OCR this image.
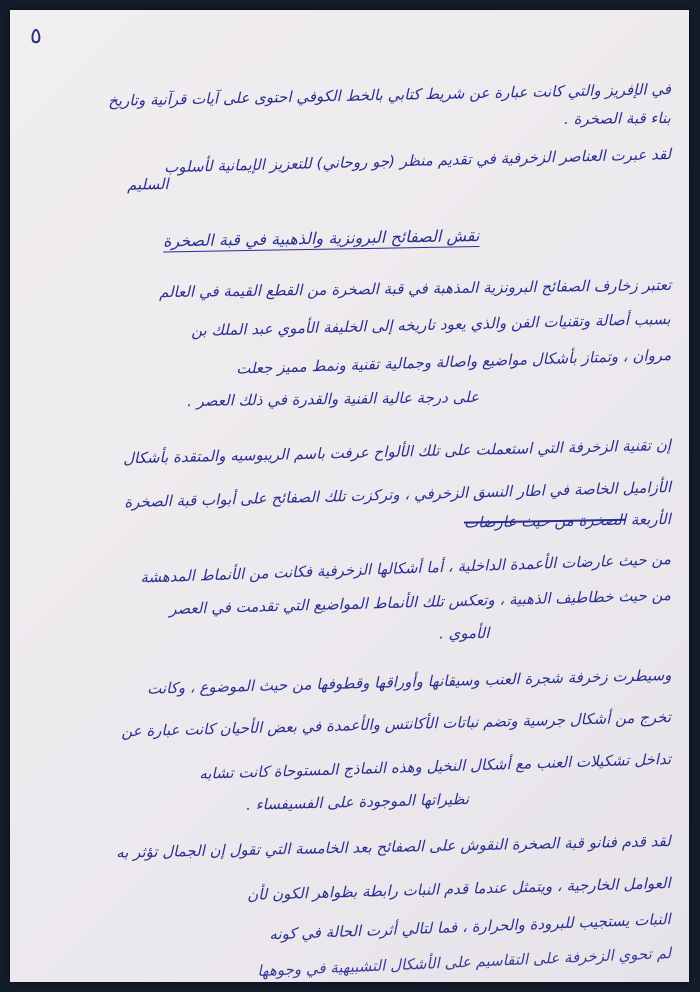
٥

في الإفريز والتي كانت عبارة عن شريط كتابي بالخط الكوفي احتوى على آيات قرآنية وتاريخ

بناء قبة الصخرة .

لقد عبرت العناصر الزخرفية في تقديم منظر (جو روحاني) للتعزيز الإيمانية لأسلوب

السليم

نقش الصفائح البرونزية والذهبية في قبة الصخرة

تعتبر زخارف الصفائح البرونزية المذهبة في قبة الصخرة من القطع القيمة في العالم

بسبب أصالة وتقنيات الفن والذي يعود تاريخه إلى الخليفة الأموي عبد الملك بن

مروان ، وتمتاز بأشكال مواضيع واصالة وجمالية تقنية ونمط مميز جعلت

على درجة عالية الفنية والقدرة في ذلك العصر .

إن تقنية الزخرفة التي استعملت على تلك الألواح عرفت باسم الريبوسيه والمتقدة بأشكال

الأزاميل الخاصة في اطار النسق الزخرفي ، وتركزت تلك الصفائح على أبواب قبة الصخرة

الأربعة الصخرة من حيث عارضات

من حيث عارضات الأعمدة الداخلية ، أما أشكالها الزخرفية فكانت من الأنماط المدهشة

من حيث خطاطيف الذهبية ، وتعكس تلك الأنماط المواضيع التي تقدمت في العصر

الأموي .

وسيطرت زخرفة شجرة العنب وسيقانها وأوراقها وقطوفها من حيث الموضوع ، وكانت

تخرج من أشكال جرسية وتضم نباتات الأكانتس والأعمدة في بعض الأحيان كانت عبارة عن

تداخل تشكيلات العنب مع أشكال النخيل وهذه النماذج المستوحاة كانت تشابه

نظيراتها الموجودة على الفسيفساء .

لقد قدم فنانو قبة الصخرة النقوش على الصفائح بعد الخامسة التي تقول إن الجمال تؤثر به

العوامل الخارجية ، ويتمثل عندما قدم النبات رابطة بظواهر الكون لأن

النبات يستجيب للبرودة والحرارة ، فما لتالي أثرت الحالة في كونه

لم تحوي الزخرفة على التقاسيم على الأشكال التشبيهية في وجوهها
